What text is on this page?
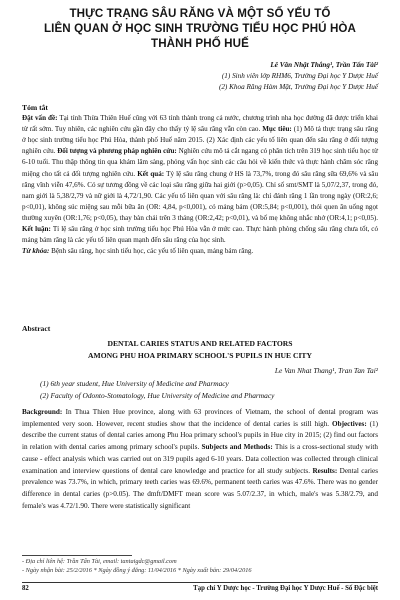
THỰC TRẠNG SÂU RĂNG VÀ MỘT SỐ YẾU TỐ
LIÊN QUAN Ở HỌC SINH TRƯỜNG TIỂU HỌC PHÚ HÒA
THÀNH PHỐ HUẾ
Lê Văn Nhật Thắng¹, Trần Tấn Tài²
(1) Sinh viên lớp RHM6, Trường Đại học Y Dược Huế
(2) Khoa Răng Hàm Mặt, Trường Đại học Y Dược Huế
Tóm tắt
Đặt vấn đề: Tại tỉnh Thừa Thiên Huế cũng với 63 tỉnh thành trong cả nước, chương trình nha học đường đã được triển khai từ rất sớm. Tuy nhiên, các nghiên cứu gần đây cho thấy tỷ lệ sâu răng vẫn còn cao. Mục tiêu: (1) Mô tả thực trạng sâu răng ở học sinh trường tiểu học Phú Hòa, thành phố Huế năm 2015. (2) Xác định các yếu tố liên quan đến sâu răng ở đối tượng nghiên cứu. Đối tượng và phương pháp nghiên cứu: Nghiên cứu mô tả cắt ngang có phân tích trên 319 học sinh tiểu học từ 6-10 tuổi. Thu thập thông tin qua khám lâm sàng, phỏng vấn học sinh các câu hỏi về kiến thức và thực hành chăm sóc răng miệng cho tất cả đối tượng nghiên cứu. Kết quả: Tỷ lệ sâu răng chung ở HS là 73,7%, trong đó sâu răng sữa 69,6% và sâu răng vĩnh viễn 47,6%. Có sự tương đồng về các loại sâu răng giữa hai giới (p>0,05). Chỉ số smt/SMT là 5,07/2,37, trong đó, nam giới là 5,38/2,79 và nữ giới là 4,72/1,90. Các yếu tố liên quan với sâu răng là: chỉ đánh răng 1 lần trong ngày (OR:2,6; p<0,01), không súc miệng sau mỗi bữa ăn (OR: 4,84, p<0,001), có mảng bám (OR:5,84; p<0,001), thói quen ăn uống ngọt thường xuyên (OR:1,76; p<0,05), thay bàn chải trên 3 tháng (OR:2,42; p<0,01), và bố mẹ không nhắc nhở (OR:4,1; p<0,05). Kết luận: Tỉ lệ sâu răng ở học sinh trường tiểu học Phú Hòa vẫn ở mức cao. Thực hành phòng chống sâu răng chưa tốt, có mảng bám răng là các yếu tố liên quan mạnh đến sâu răng của học sinh.
Từ khóa: Bệnh sâu răng, học sinh tiểu học, các yếu tố liên quan, mảng bám răng.
Abstract
DENTAL CARIES STATUS AND RELATED FACTORS
AMONG PHU HOA PRIMARY SCHOOL'S PUPILS IN HUE CITY
Le Van Nhat Thang¹, Tran Tan Tai²
(1) 6th year student, Hue University of Medicine and Pharmacy
(2) Faculty of Odonto-Stomatology, Hue University of Medicine and Pharmacy
Background: In Thua Thien Hue province, along with 63 provinces of Vietnam, the school of dental program was implemented very soon. However, recent studies show that the incidence of dental caries is still high. Objectives: (1) describe the current status of dental caries among Phu Hoa primary school's pupils in Hue city in 2015; (2) find out factors in relation with dental caries among primary school's pupils. Subjects and Methods: This is a cross-sectional study with cause - effect analysis which was carried out on 319 pupils aged 6-10 years. Data collection was collected through clinical examination and interview questions of dental care knowledge and practice for all study subjects. Results: Dental caries prevalence was 73.7%, in which, primary teeth caries was 69.6%, permanent teeth caries was 47.6%. There was no gender difference in dental caries (p>0.05). The dmft/DMFT mean score was 5.07/2.37, in which, male's was 5.38/2.79, and female's was 4.72/1.90. There were statistically significant
- Địa chỉ liên hệ: Trần Tấn Tài, email: tantaigdc@gmail.com
- Ngày nhận bài: 25/2/2016 * Ngày đồng ý đăng: 11/04/2016 * Ngày xuất bản: 29/04/2016
82	Tạp chí Y Dược học - Trường Đại học Y Dược Huế - Số Đặc biệt
